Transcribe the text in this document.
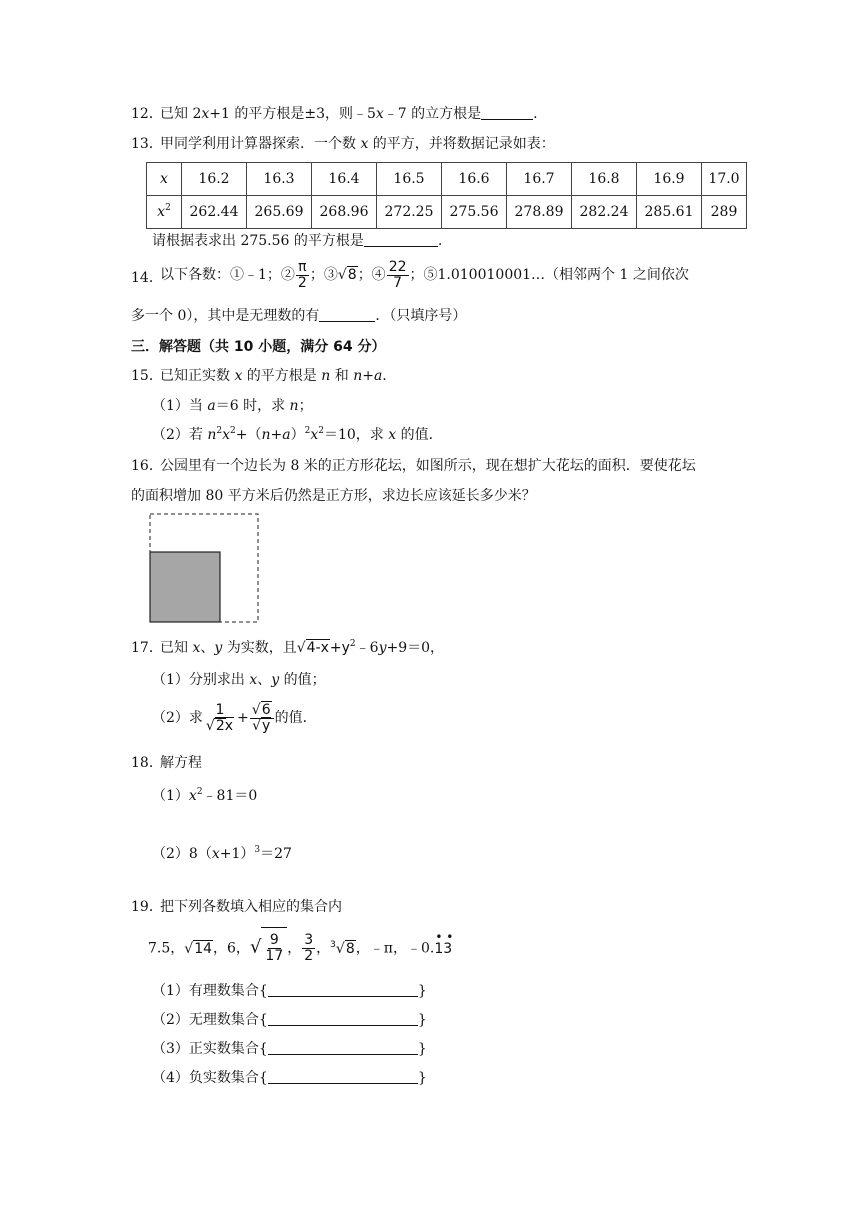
12．
已知 2x+1 的平方根是±3，则﹣5x﹣7 的立方根是	.
13．
甲同学利用计算器探索．一个数 x 的平方，并将数据记录如表：
x	16.2	16.3	16.4	16.5	16.6	16.7	16.8	16.9	17.0
$x^2$	262.44	265.69	268.96	272.25	275.56	278.89	282.24	285.61	289
请根据表求出 275.56 的平方根是	.
14．
以下各数：①﹣1；② $\frac{\pi}{2}$ ；③√8；④ $\frac{22}{7}$ ；⑤1.010010001…（相邻两个 1 之间依次
多一个 0），其中是无理数的有	．（只填序号）
三．解答题（共 10 小题，满分 64 分）
15．
已知正实数 x 的平方根是 n 和 n+a.
（1）当 a＝6 时，求 n；
（2）若 $n^2x^2+(n+a)^2x^2=10$，求 x 的值．
16．
公园里有一个边长为 8 米的正方形花坛，如图所示，现在想扩大花坛的面积．要使花坛
的面积增加 80 平方米后仍然是正方形，求边长应该延长多少米？
17．
已知 x、y 为实数，且$√4-x+y^2﹣6y+9=0$，
（1）分别求出 x、y 的值；
（2）求 $\frac{1}{√2x} + \frac{√6}{√y}$ 的值．
18．
解方程
$(1)x^2﹣81=0$
$(2)8(x+1)^3=27$
19．
把下列各数填入相应的集合内
7.5，√14，6，√ $\frac{9}{17}$ ， $\frac{3}{2}$ ，$^3$√8，﹣π，﹣0.13
• •
（1）有理数集合{	}
（2）无理数集合{	}
（3）正实数集合{	}
（4）负实数集合{	}
